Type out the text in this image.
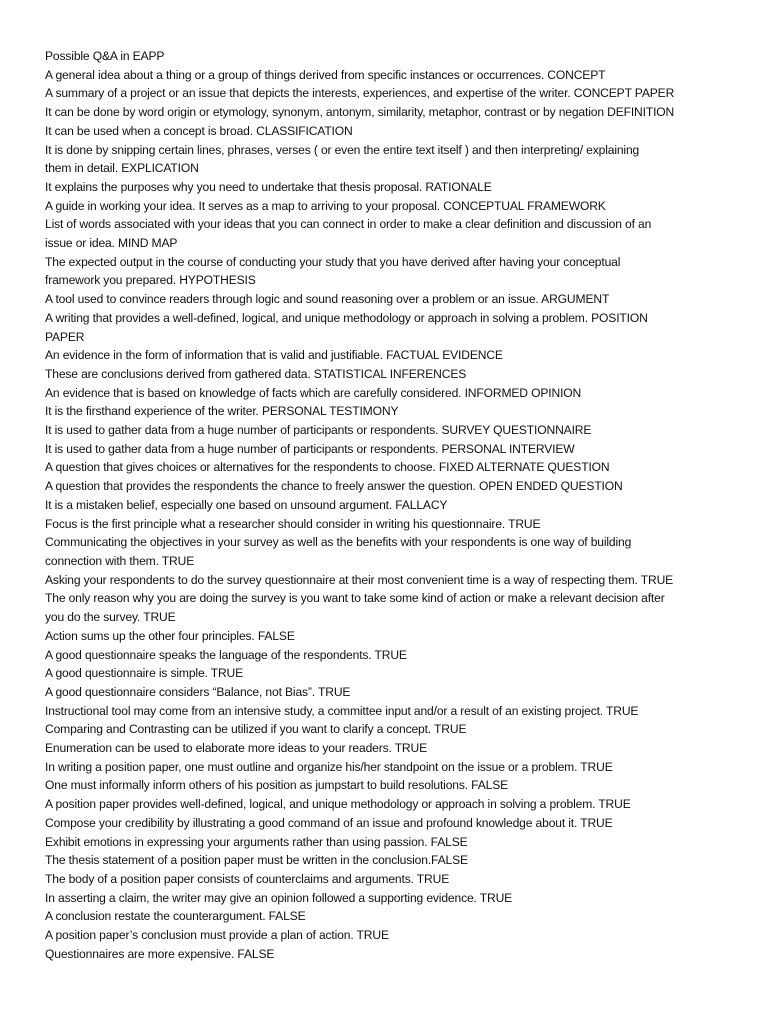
Possible Q&A in EAPP
A general idea about a thing or a group of things derived from specific instances or occurrences. CONCEPT
A summary of a project or an issue that depicts the interests, experiences, and expertise of the writer. CONCEPT PAPER
It can be done by word origin or etymology, synonym, antonym, similarity, metaphor, contrast or by negation DEFINITION
It can be used when a concept is broad. CLASSIFICATION
It is done by snipping certain lines, phrases, verses ( or even the entire text itself ) and then interpreting/ explaining
them in detail. EXPLICATION
It explains the purposes why you need to undertake that thesis proposal. RATIONALE
A guide in working your idea. It serves as a map to arriving to your proposal. CONCEPTUAL FRAMEWORK
List of words associated with your ideas that you can connect in order to make a clear definition and discussion of an
issue or idea. MIND MAP
The expected output in the course of conducting your study that you have derived after having your conceptual
framework you prepared. HYPOTHESIS
A tool used to convince readers through logic and sound reasoning over a problem or an issue. ARGUMENT
A writing that provides a well-defined, logical, and unique methodology or approach in solving a problem. POSITION
PAPER
An evidence in the form of information that is valid and justifiable. FACTUAL EVIDENCE
These are conclusions derived from gathered data. STATISTICAL INFERENCES
An evidence that is based on knowledge of facts which are carefully considered. INFORMED OPINION
It is the firsthand experience of the writer. PERSONAL TESTIMONY
It is used to gather data from a huge number of participants or respondents. SURVEY QUESTIONNAIRE
It is used to gather data from a huge number of participants or respondents. PERSONAL INTERVIEW
A question that gives choices or alternatives for the respondents to choose. FIXED ALTERNATE QUESTION
A question that provides the respondents the chance to freely answer the question. OPEN ENDED QUESTION
It is a mistaken belief, especially one based on unsound argument. FALLACY
Focus is the first principle what a researcher should consider in writing his questionnaire. TRUE
Communicating the objectives in your survey as well as the benefits with your respondents is one way of building
connection with them. TRUE
Asking your respondents to do the survey questionnaire at their most convenient time is a way of respecting them. TRUE
The only reason why you are doing the survey is you want to take some kind of action or make a relevant decision after
you do the survey. TRUE
Action sums up the other four principles. FALSE
A good questionnaire speaks the language of the respondents. TRUE
A good questionnaire is simple. TRUE
A good questionnaire considers “Balance, not Bias”. TRUE
Instructional tool may come from an intensive study, a committee input and/or a result of an existing project. TRUE
Comparing and Contrasting can be utilized if you want to clarify a concept. TRUE
Enumeration can be used to elaborate more ideas to your readers. TRUE
In writing a position paper, one must outline and organize his/her standpoint on the issue or a problem. TRUE
One must informally inform others of his position as jumpstart to build resolutions. FALSE
A position paper provides well-defined, logical, and unique methodology or approach in solving a problem. TRUE
Compose your credibility by illustrating a good command of an issue and profound knowledge about it. TRUE
Exhibit emotions in expressing your arguments rather than using passion. FALSE
The thesis statement of a position paper must be written in the conclusion.FALSE
The body of a position paper consists of counterclaims and arguments. TRUE
In asserting a claim, the writer may give an opinion followed a supporting evidence. TRUE
A conclusion restate the counterargument. FALSE
A position paper’s conclusion must provide a plan of action. TRUE
Questionnaires are more expensive. FALSE
